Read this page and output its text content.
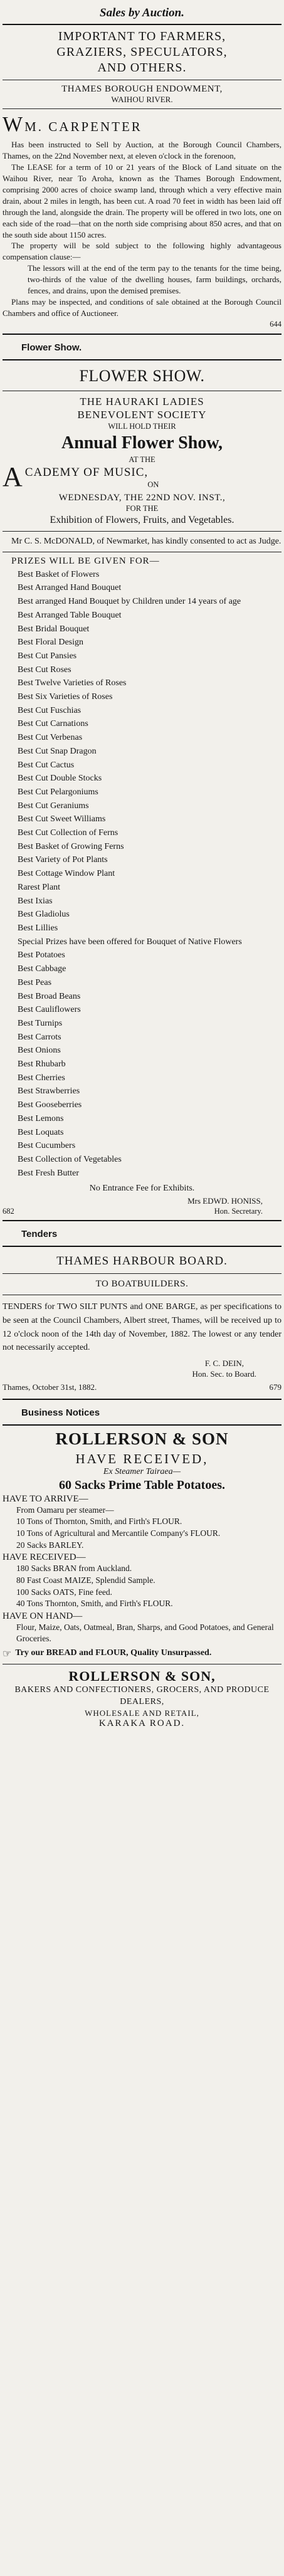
Sales by Auction.
IMPORTANT TO FARMERS,
GRAZIERS, SPECULATORS,
AND OTHERS.
THAMES BOROUGH ENDOWMENT,
WAIHOU RIVER.
WM. CARPENTER

Has been instructed to Sell by Auction, at the Borough Council Chambers, Thames, on the 22nd November next, at eleven o'clock in the forenoon,

The LEASE for a term of 10 or 21 years of the Block of Land situate on the Waihou River, near To Aroha, known as the Thames Borough Endowment, comprising 2000 acres of choice swamp land, through which a very effective main drain, about 2 miles in length, has been cut. A road 70 feet in width has been laid off through the land, alongside the drain. The property will be offered in two lots, one on each side of the road—that on the north side comprising about 850 acres, and that on the south side about 1150 acres.

The property will be sold subject to the following highly advantageous compensation clause:—

The lessors will at the end of the term pay to the tenants for the time being, two-thirds of the value of the dwelling houses, farm buildings, orchards, fences, and drains, upon the demised premises.

Plans may be inspected, and conditions of sale obtained at the Borough Council Chambers and office of Auctioneer.

644
Flower Show.
FLOWER SHOW.
THE HAURAKI LADIES
BENEVOLENT SOCIETY
WILL HOLD THEIR
Annual Flower Show,
AT THE
A CADEMY OF MUSIC,
ON
WEDNESDAY, THE 22ND NOV. INST.,
FOR THE
Exhibition of Flowers, Fruits, and Vegetables.

Mr C. S. McDONALD, of Newmarket, has kindly consented to act as Judge.

PRIZES WILL BE GIVEN FOR—
Best Basket of Flowers
Best Arranged Hand Bouquet
Best arranged Hand Bouquet by Children under 14 years of age
Best Arranged Table Bouquet
Best Bridal Bouquet
Best Floral Design
Best Cut Pansies
Best Cut Roses
Best Twelve Varieties of Roses
Best Six Varieties of Roses
Best Cut Fuschias
Best Cut Carnations
Best Cut Verbenas
Best Cut Snap Dragon
Best Cut Cactus
Best Cut Double Stocks
Best Cut Pelargoniums
Best Cut Geraniums
Best Cut Sweet Williams
Best Cut Collection of Ferns
Best Basket of Growing Ferns
Best Variety of Pot Plants
Best Cottage Window Plant
Rarest Plant
Best Ixias
Best Gladiolus
Best Lillies
Special Prizes have been offered for Bouquet of Native Flowers
Best Potatoes
Best Cabbage
Best Peas
Best Broad Beans
Best Cauliflowers
Best Turnips
Best Carrots
Best Onions
Best Rhubarb
Best Cherries
Best Strawberries
Best Gooseberries
Best Lemons
Best Loquats
Best Cucumbers
Best Collection of Vegetables
Best Fresh Butter
No Entrance Fee for Exhibits.
Mrs EDWD. HONISS,
682	Hon. Secretary.
Tenders
THAMES HARBOUR BOARD.
TO BOATBUILDERS.

TENDERS for TWO SILT PUNTS and ONE BARGE, as per specifications to be seen at the Council Chambers, Albert street, Thames, will be received up to 12 o'clock noon of the 14th day of November, 1882. The lowest or any tender not necessarily accepted.

F. C. DEIN,
Hon. Sec. to Board.
Thames, October 31st, 1882.	679
Business Notices
ROLLERSON & SON
HAVE RECEIVED,
Ex Steamer Tairaea—
60 Sacks Prime Table Potatoes.
HAVE TO ARRIVE—
From Oamaru per steamer—
10 Tons of Thornton, Smith, and Firth's FLOUR.
10 Tons of Agricultural and Mercantile Company's FLOUR.
20 Sacks BARLEY.
HAVE RECEIVED—
180 Sacks BRAN from Auckland.
80 Fast Coast MAIZE, Splendid Sample.
100 Sacks OATS, Fine feed.
40 Tons Thornton, Smith, and Firth's FLOUR.
HAVE ON HAND—

Flour, Maize, Oats, Oatmeal, Bran, Sharps, and Good Potatoes, and General Groceries.

☞ Try our BREAD and FLOUR, Quality Unsurpassed.
ROLLERSON & SON,
BAKERS AND CONFECTIONERS, GROCERS, AND PRODUCE DEALERS,
WHOLESALE AND RETAIL,
KARAKA ROAD.
